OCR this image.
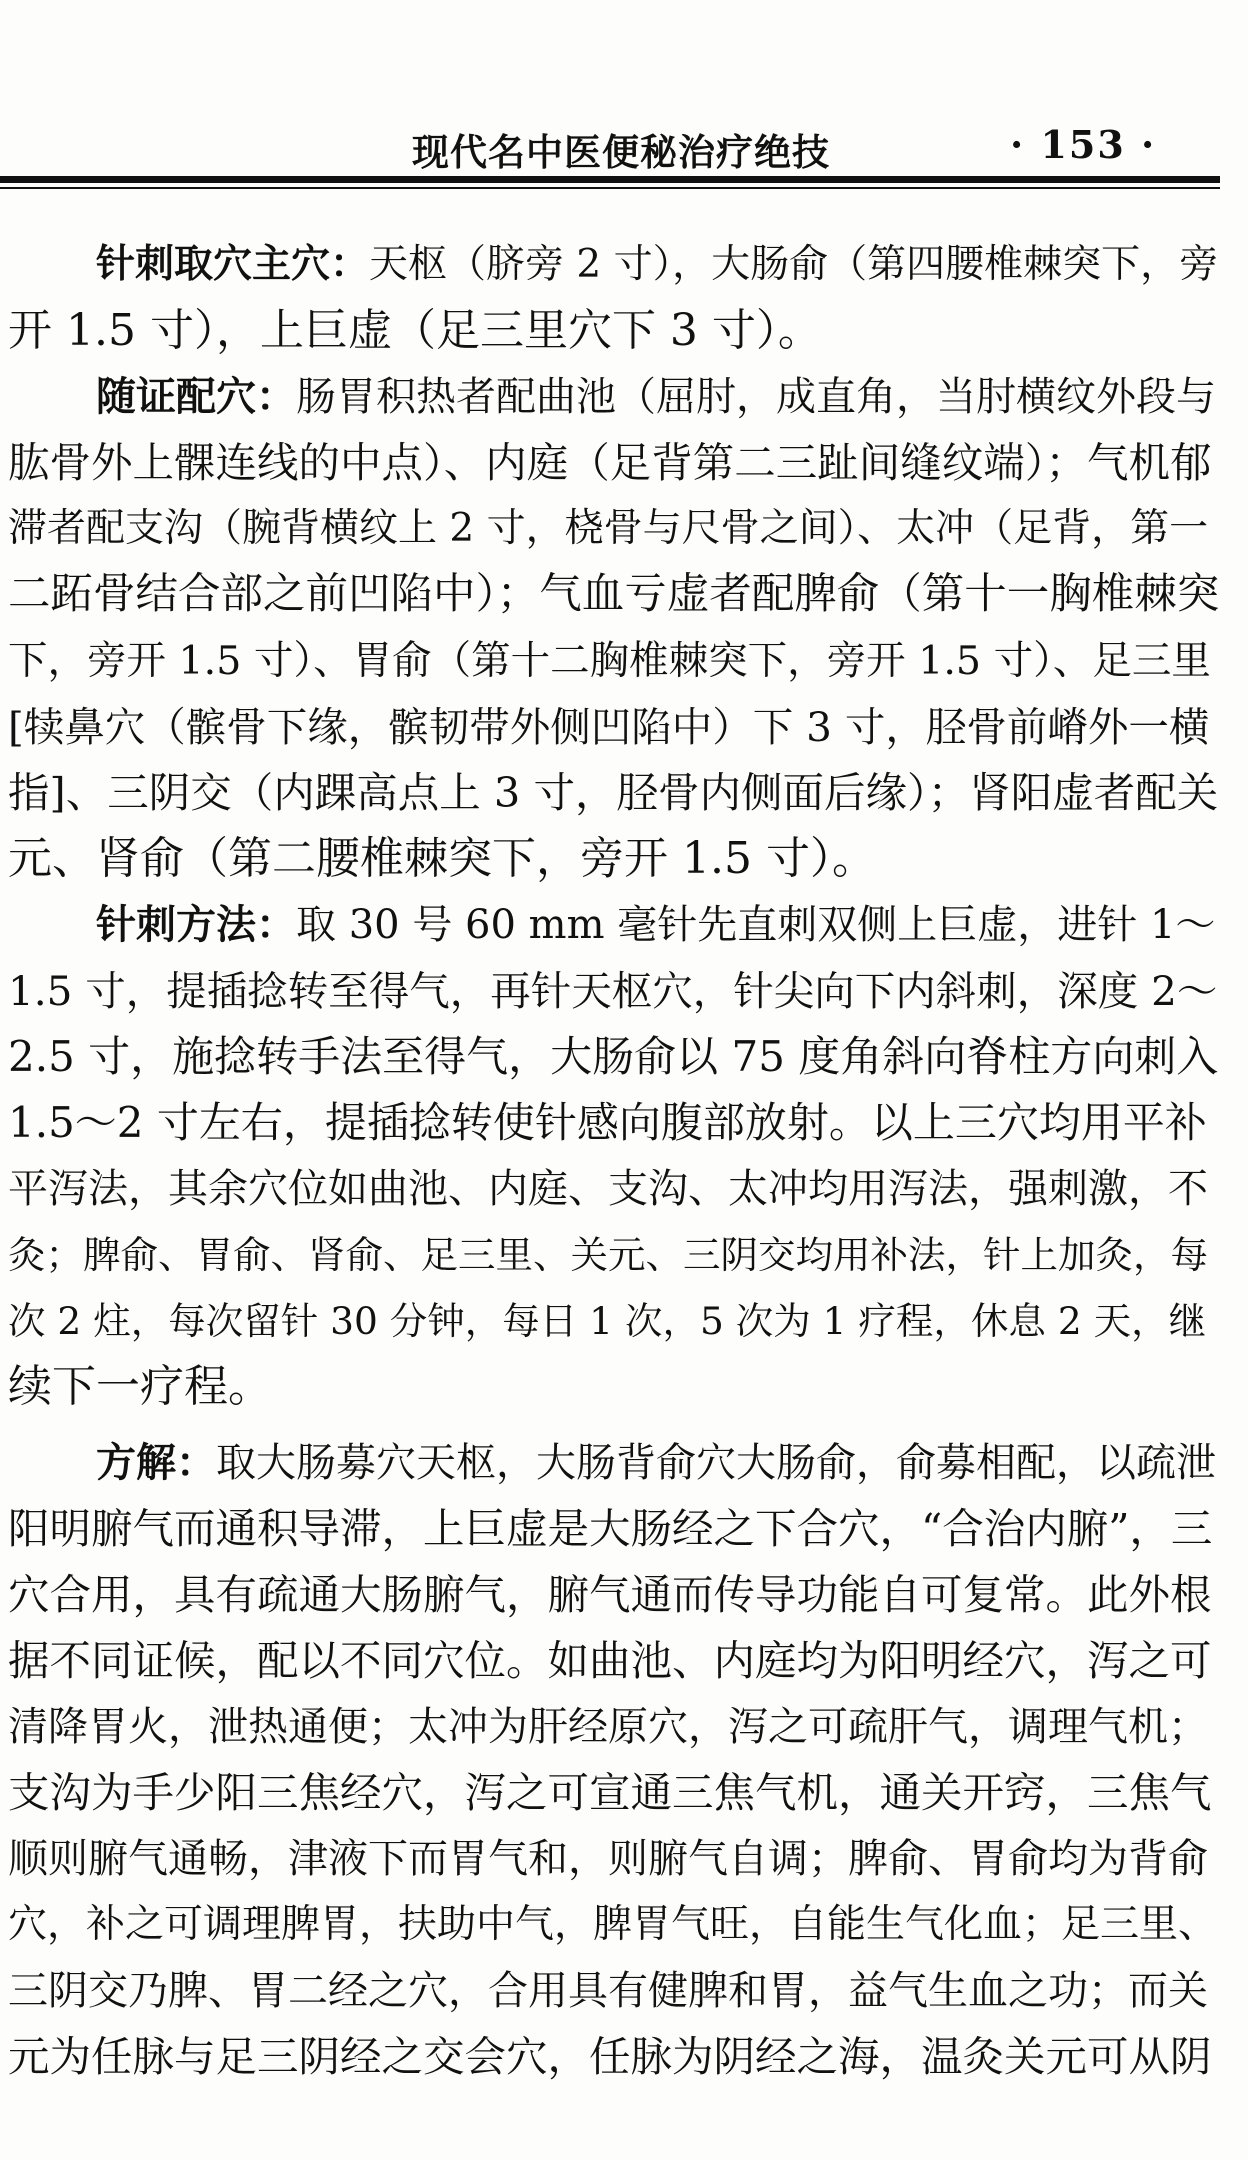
现代名中医便秘治疗绝技	· 153 ·
针刺取穴主穴：天枢（脐旁 2 寸），大肠俞（第四腰椎棘突下，旁
开 1.5 寸），上巨虚（足三里穴下 3 寸）。
随证配穴：肠胃积热者配曲池（屈肘，成直角，当肘横纹外段与
肱骨外上髁连线的中点）、内庭（足背第二三趾间缝纹端）；气机郁
滞者配支沟（腕背横纹上 2 寸，桡骨与尺骨之间）、太冲（足背，第一
二跖骨结合部之前凹陷中）；气血亏虚者配脾俞（第十一胸椎棘突
下，旁开 1.5 寸）、胃俞（第十二胸椎棘突下，旁开 1.5 寸）、足三里
[犊鼻穴（髌骨下缘，髌韧带外侧凹陷中）下 3 寸，胫骨前嵴外一横
指]、三阴交（内踝高点上 3 寸，胫骨内侧面后缘）；肾阳虚者配关
元、肾俞（第二腰椎棘突下，旁开 1.5 寸）。
针刺方法：取 30 号 60 mm 毫针先直刺双侧上巨虚，进针 1～
1.5 寸，提插捻转至得气，再针天枢穴，针尖向下内斜刺，深度 2～
2.5 寸，施捻转手法至得气，大肠俞以 75 度角斜向脊柱方向刺入
1.5～2 寸左右，提插捻转使针感向腹部放射。以上三穴均用平补
平泻法，其余穴位如曲池、内庭、支沟、太冲均用泻法，强刺激，不
灸；脾俞、胃俞、肾俞、足三里、关元、三阴交均用补法，针上加灸，每
次 2 炷，每次留针 30 分钟，每日 1 次，5 次为 1 疗程，休息 2 天，继
续下一疗程。
方解：取大肠募穴天枢，大肠背俞穴大肠俞，俞募相配，以疏泄
阳明腑气而通积导滞，上巨虚是大肠经之下合穴，“合治内腑”，三
穴合用，具有疏通大肠腑气，腑气通而传导功能自可复常。此外根
据不同证候，配以不同穴位。如曲池、内庭均为阳明经穴，泻之可
清降胃火，泄热通便；太冲为肝经原穴，泻之可疏肝气，调理气机；
支沟为手少阳三焦经穴，泻之可宣通三焦气机，通关开窍，三焦气
顺则腑气通畅，津液下而胃气和，则腑气自调；脾俞、胃俞均为背俞
穴，补之可调理脾胃，扶助中气，脾胃气旺，自能生气化血；足三里、
三阴交乃脾、胃二经之穴，合用具有健脾和胃，益气生血之功；而关
元为任脉与足三阴经之交会穴，任脉为阴经之海，温灸关元可从阴
